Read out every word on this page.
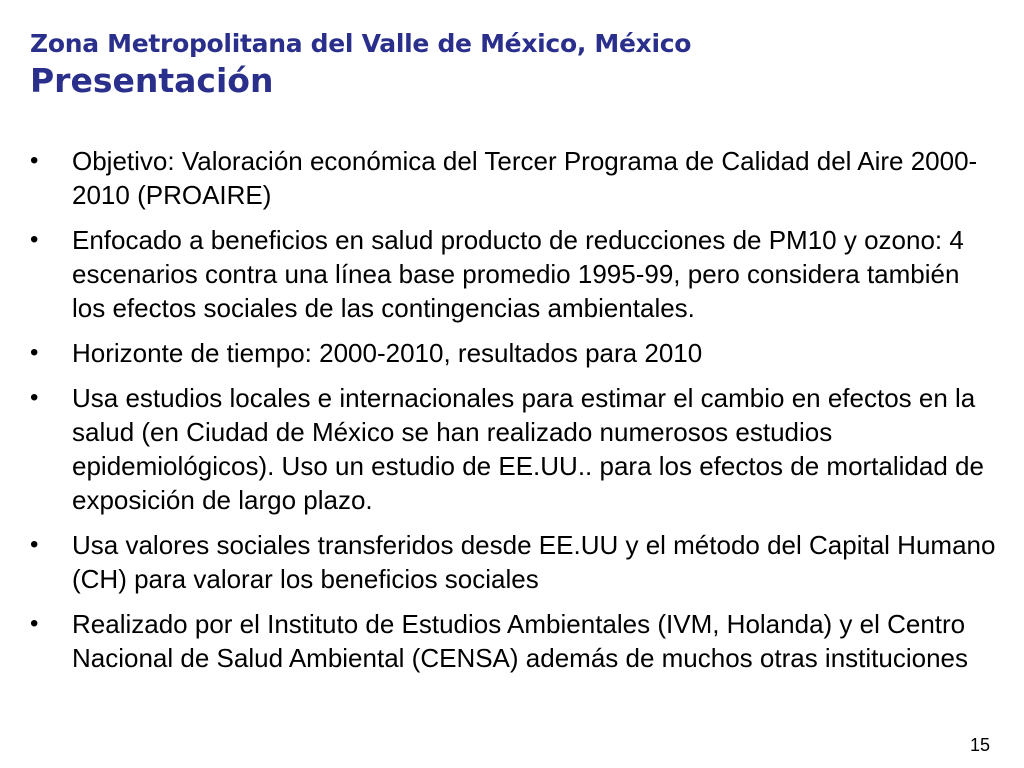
Zona Metropolitana del Valle de México, México
Presentación
•	Objetivo: Valoración económica del Tercer Programa de Calidad del Aire 2000- 2010 (PROAIRE)
•	Enfocado a beneficios en salud producto de reducciones de PM10 y ozono: 4 escenarios contra una línea base promedio 1995-99, pero considera también los efectos sociales de las contingencias ambientales.
•	Horizonte de tiempo: 2000-2010, resultados para 2010
•	Usa estudios locales e internacionales para estimar el cambio en efectos en la salud (en Ciudad de México se han realizado numerosos estudios epidemiológicos). Uso un estudio de EE.UU.. para los efectos de mortalidad de exposición de largo plazo.
•	Usa valores sociales transferidos desde EE.UU y el método del Capital Humano (CH) para valorar los beneficios sociales
•	Realizado por el Instituto de Estudios Ambientales (IVM, Holanda) y el Centro Nacional de Salud Ambiental (CENSA) además de muchos otras instituciones
15
